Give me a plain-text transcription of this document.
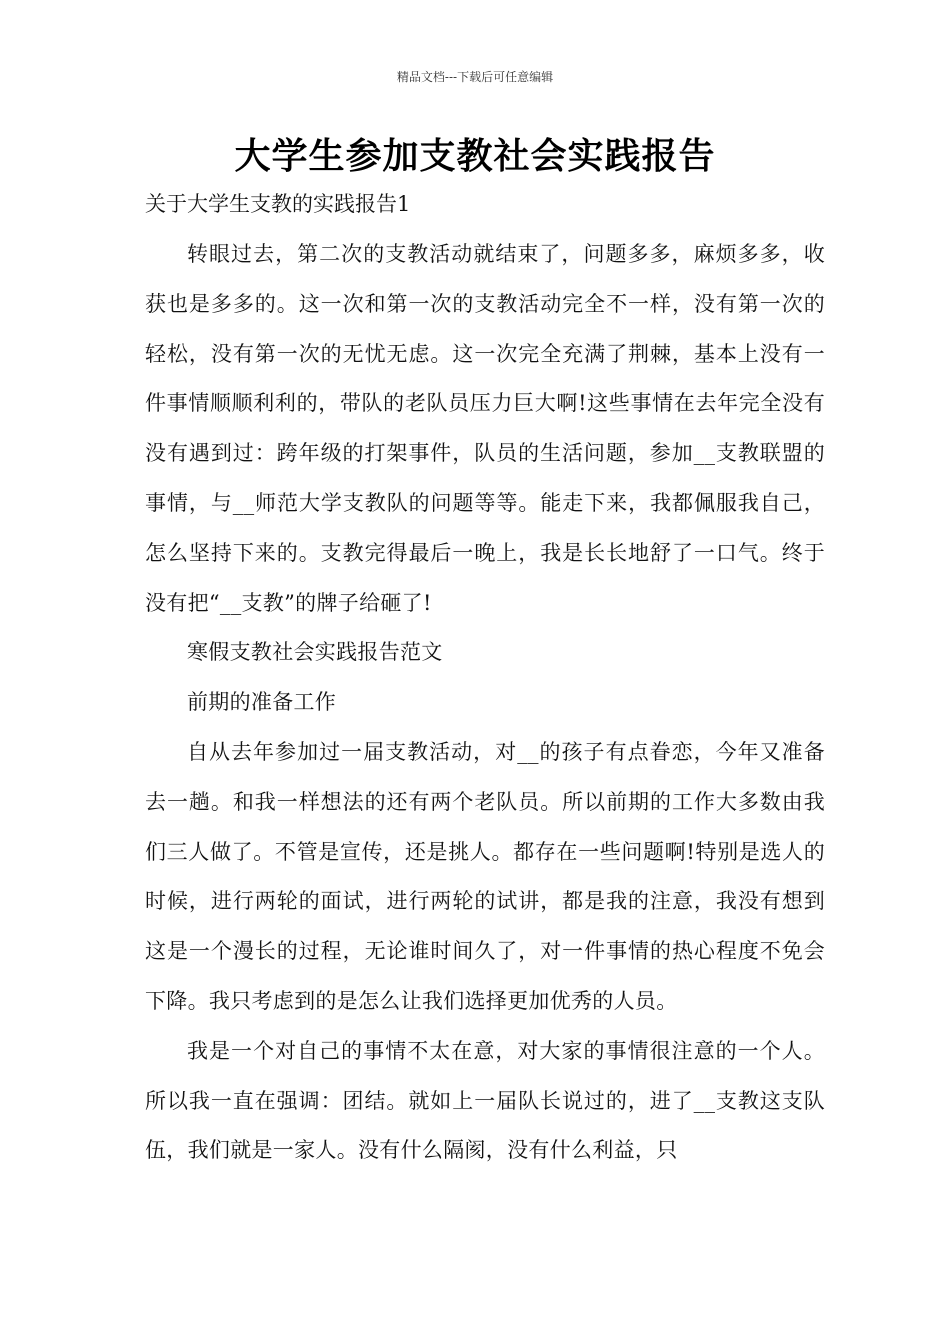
精品文档---下载后可任意编辑
大学生参加支教社会实践报告
关于大学生支教的实践报告1

转眼过去，第二次的支教活动就结束了，问题多多，麻烦多多，收获也是多多的。这一次和第一次的支教活动完全不一样，没有第一次的轻松，没有第一次的无忧无虑。这一次完全充满了荆棘，基本上没有一件事情顺顺利利的，带队的老队员压力巨大啊!这些事情在去年完全没有没有遇到过：跨年级的打架事件，队员的生活问题，参加__支教联盟的事情，与__师范大学支教队的问题等等。能走下来，我都佩服我自己，怎么坚持下来的。支教完得最后一晚上，我是长长地舒了一口气。终于没有把“__支教”的牌子给砸了!

寒假支教社会实践报告范文

前期的准备工作

自从去年参加过一届支教活动，对__的孩子有点眷恋，今年又准备去一趟。和我一样想法的还有两个老队员。所以前期的工作大多数由我们三人做了。不管是宣传，还是挑人。都存在一些问题啊!特别是选人的时候，进行两轮的面试，进行两轮的试讲，都是我的注意，我没有想到这是一个漫长的过程，无论谁时间久了，对一件事情的热心程度不免会下降。我只考虑到的是怎么让我们选择更加优秀的人员。

我是一个对自己的事情不太在意，对大家的事情很注意的一个人。所以我一直在强调：团结。就如上一届队长说过的，进了__支教这支队伍，我们就是一家人。没有什么隔阂，没有什么利益，只
